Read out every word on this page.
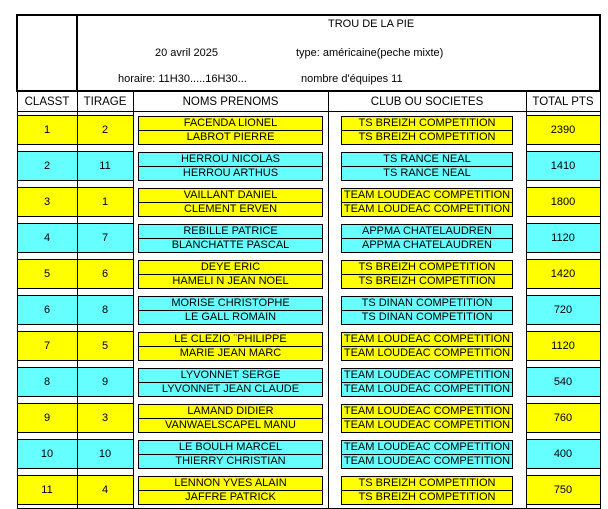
	TROU DE LA PIE
20 avril 2025 type: américaine(peche mixte)
horaire: 11H30.....16H30... nombre d'équipes 11			

CLASST	TIRAGE	NOMS PRENOMS	CLUB OU SOCIETES	TOTAL PTS

1	2	FACENDA LIONEL	TS BREIZH COMPETITION	2390

		LABROT PIERRE	TS BREIZH COMPETITION	

2	11	HERROU NICOLAS	TS RANCE NEAL	1410

		HERROU ARTHUS	TS RANCE NEAL	

3	1	VAILLANT DANIEL	TEAM LOUDEAC COMPETITION	1800

		CLEMENT ERVEN	TEAM LOUDEAC COMPETITION	

4	7	REBILLE PATRICE	APPMA CHATELAUDREN	1120

		BLANCHATTE PASCAL	APPMA CHATELAUDREN	

5	6	DEYE ERIC	TS BREIZH COMPETITION	1420

		HAMELI N JEAN NOEL	TS BREIZH COMPETITION	

6	8	MORISE CHRISTOPHE	TS DINAN COMPETITION	720

		LE GALL ROMAIN	TS DINAN COMPETITION	

7	5	LE CLEZIO ¨PHILIPPE	TEAM LOUDEAC COMPETITION	1120

		MARIE JEAN MARC	TEAM LOUDEAC COMPETITION	

8	9	LYVONNET SERGE	TEAM LOUDEAC COMPETITION	540

		LYVONNET JEAN CLAUDE	TEAM LOUDEAC COMPETITION	

9	3	LAMAND DIDIER	TEAM LOUDEAC COMPETITION	760

		VANWAELSCAPEL MANU	TEAM LOUDEAC COMPETITION	

10	10	LE BOULH MARCEL	TEAM LOUDEAC COMPETITION	400

		THIERRY CHRISTIAN	TEAM LOUDEAC COMPETITION	

11	4	LENNON YVES ALAIN	TS BREIZH COMPETITION	750

		JAFFRE PATRICK	TS BREIZH COMPETITION	
